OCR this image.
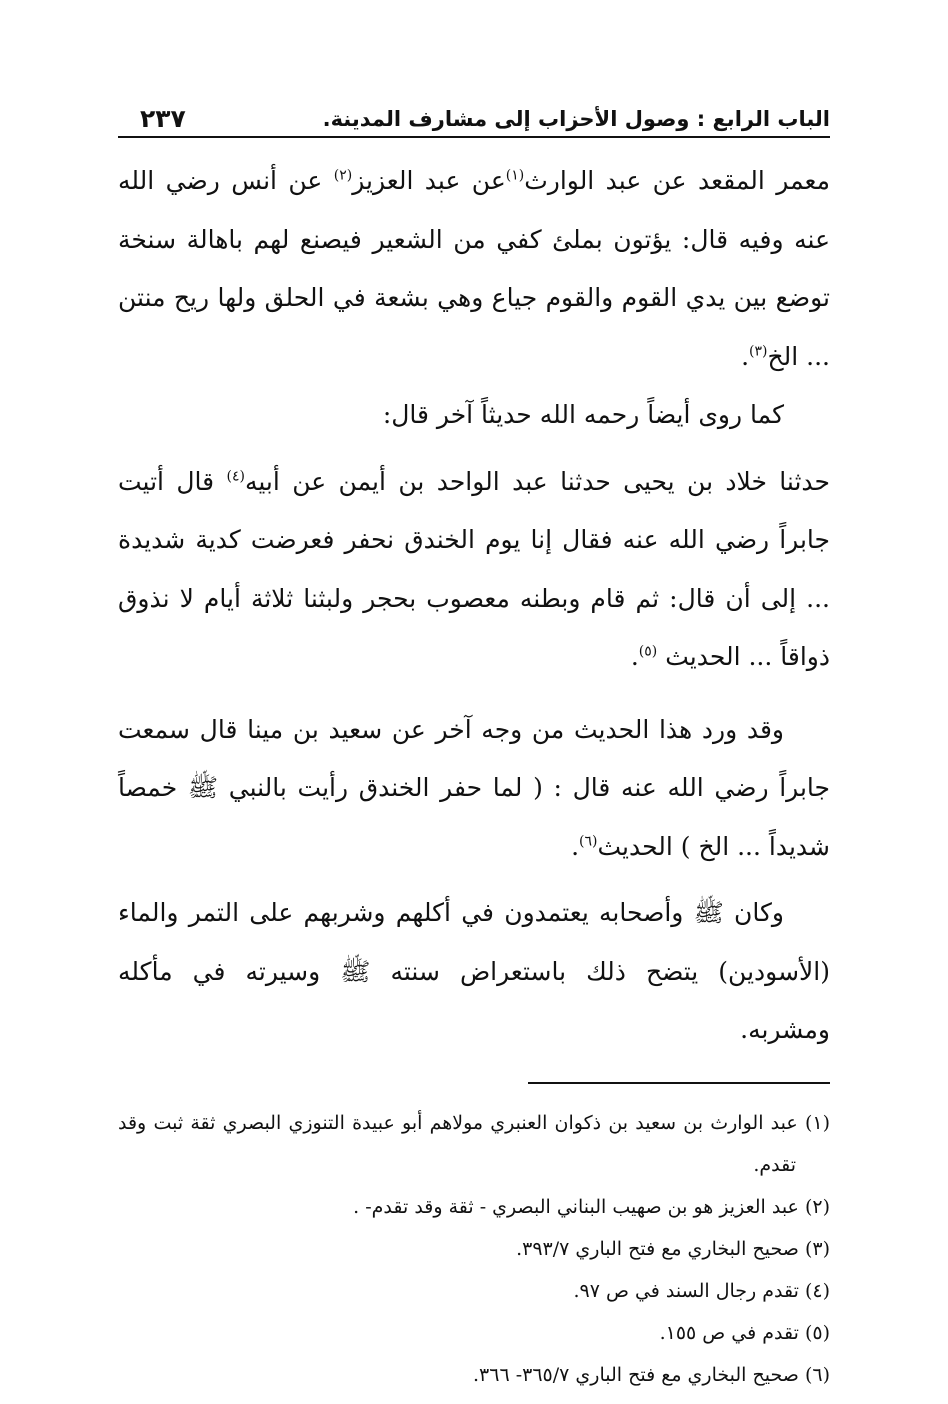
الباب الرابع : وصول الأحزاب إلى مشارف المدينة.
٢٣٧

معمر المقعد عن عبد الوارث$^{(١)}$عن عبد العزيز$^{(٢)}$ عن أنس رضي الله عنه وفيه قال: يؤتون بملئ كفي من الشعير فيصنع لهم باهالة سنخة توضع بين يدي القوم والقوم جياع وهي بشعة في الحلق ولها ريح منتن ... الخ$^{(٣)}$.

كما روى أيضاً رحمه الله حديثاً آخر قال:

حدثنا خلاد بن يحيى حدثنا عبد الواحد بن أيمن عن أبيه$^{(٤)}$ قال أتيت جابراً رضي الله عنه فقال إنا يوم الخندق نحفر فعرضت كدية شديدة ... إلى أن قال: ثم قام وبطنه معصوب بحجر ولبثنا ثلاثة أيام لا نذوق ذواقاً ... الحديث $^{(٥)}$.

وقد ورد هذا الحديث من وجه آخر عن سعيد بن مينا قال سمعت جابراً رضي الله عنه قال : ( لما حفر الخندق رأيت بالنبي ﷺ خمصاً شديداً ... الخ ) الحديث$^{(٦)}$.

وكان ﷺ وأصحابه يعتمدون في أكلهم وشربهم على التمر والماء (الأسودين) يتضح ذلك باستعراض سنته ﷺ وسيرته في مأكله ومشربه.

(١) عبد الوارث بن سعيد بن ذكوان العنبري مولاهم أبو عبيدة التنوزي البصري ثقة ثبت وقد تقدم.

(٢) عبد العزيز هو بن صهيب البناني البصري - ثقة وقد تقدم- .

(٣) صحيح البخاري مع فتح الباري ٣٩٣/٧.

(٤) تقدم رجال السند في ص ٩٧.

(٥) تقدم في ص ١٥٥.

(٦) صحيح البخاري مع فتح الباري ٣٦٥/٧- ٣٦٦.
